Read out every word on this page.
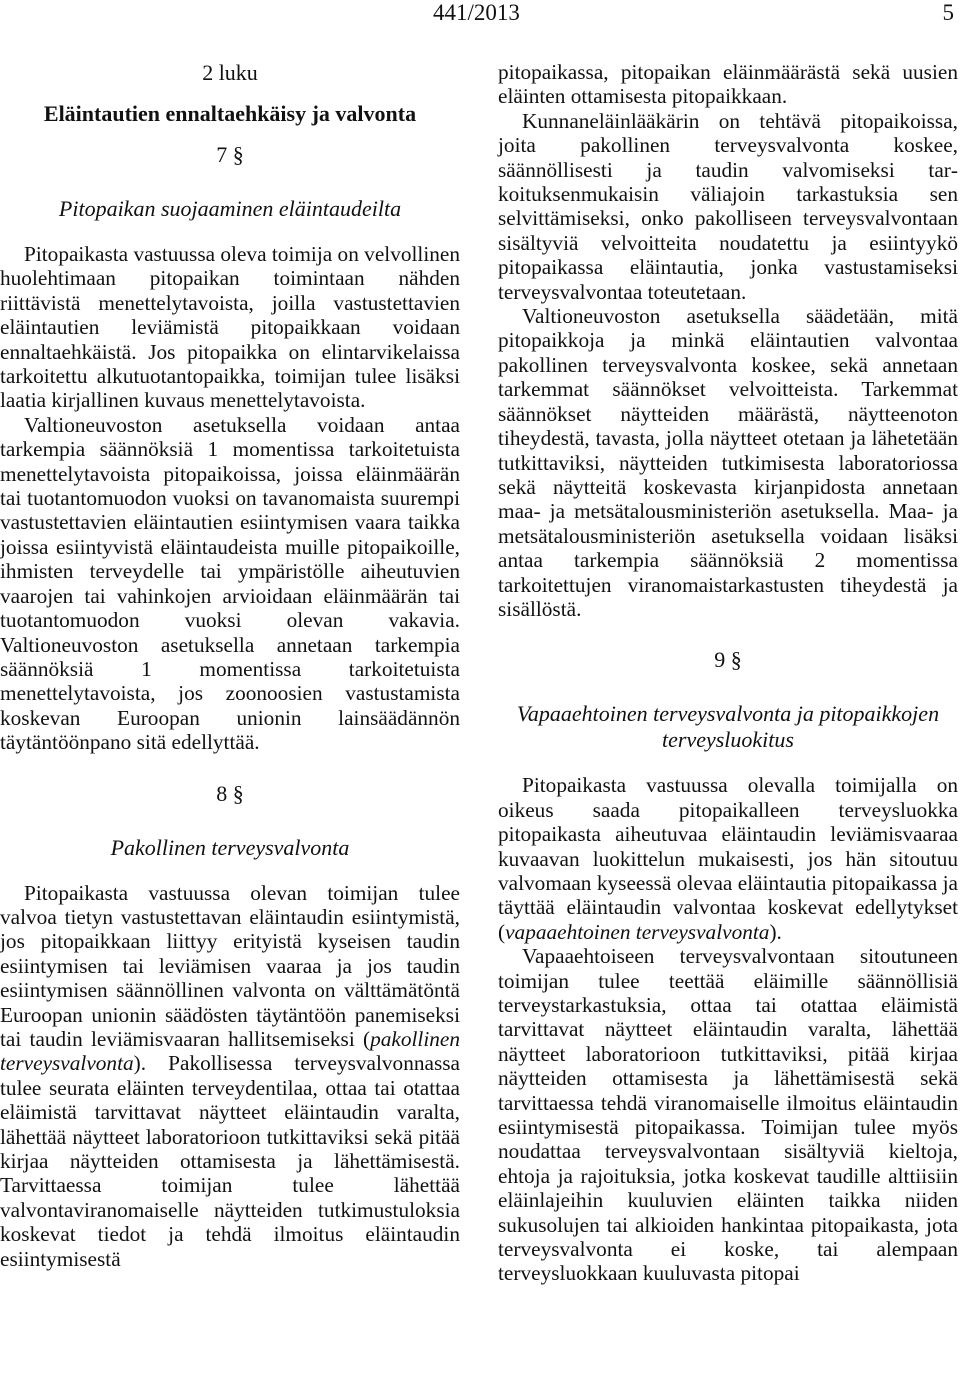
441/2013	5
2 luku
Eläintautien ennaltaehkäisy ja valvonta
7 §
Pitopaikan suojaaminen eläintaudeilta

Pitopaikasta vastuussa oleva toimija on velvollinen huolehtimaan pitopaikan toimintaan nähden riittävistä menettelytavoista, joilla vastustettavien eläintautien leviämistä pitopaikkaan voidaan ennaltaehkäistä. Jos pitopaikka on elintarvikelaissa tarkoitettu alkutuotantopaikka, toimijan tulee lisäksi laatia kirjallinen kuvaus menettelytavoista.

Valtioneuvoston asetuksella voidaan antaa tarkempia säännöksiä 1 momentissa tarkoitetuista menettelytavoista pitopaikoissa, joissa eläinmäärän tai tuotantomuodon vuoksi on tavanomaista suurempi vastustettavien eläintautien esiintymisen vaara taikka joissa esiintyvistä eläintaudeista muille pitopaikoille, ihmisten terveydelle tai ympäristölle aiheutuvien vaarojen tai vahinkojen arvioidaan eläinmäärän tai tuotantomuodon vuoksi olevan vakavia. Valtioneuvoston asetuksella annetaan tarkempia säännöksiä 1 momentissa tarkoitetuista menettelytavoista, jos zoonoosien vastustamista koskevan Euroopan unionin lainsäädännön täytäntöönpano sitä edellyttää.

8 §
Pakollinen terveysvalvonta

Pitopaikasta vastuussa olevan toimijan tulee valvoa tietyn vastustettavan eläintaudin esiintymistä, jos pitopaikkaan liittyy erityistä kyseisen taudin esiintymisen tai leviämisen vaaraa ja jos taudin esiintymisen säännöllinen valvonta on välttämätöntä Euroopan unionin säädösten täytäntöön panemiseksi tai taudin leviämisvaaran hallitsemiseksi (pakollinen terveysvalvonta). Pakollisessa terveysvalvonnassa tulee seurata eläinten terveydentilaa, ottaa tai otattaa eläimistä tarvittavat näytteet eläintaudin varalta, lähettää näytteet laboratorioon tutkittaviksi sekä pitää kirjaa näytteiden ottamisesta ja lähettämisestä. Tarvittaessa toimijan tulee lähettää valvontaviranomaiselle näytteiden tutkimustuloksia koskevat tiedot ja tehdä ilmoitus eläintaudin esiintymisestä

pitopaikassa, pitopaikan eläinmäärästä sekä uusien eläinten ottamisesta pitopaikkaan.

Kunnaneläinlääkärin on tehtävä pitopaikoissa, joita pakollinen terveysvalvonta koskee, säännöllisesti ja taudin valvomiseksi tarkoituksenmukaisin väliajoin tarkastuksia sen selvittämiseksi, onko pakolliseen terveysvalvontaan sisältyviä velvoitteita noudatettu ja esiintyykö pitopaikassa eläintautia, jonka vastustamiseksi terveysvalvontaa toteutetaan.

Valtioneuvoston asetuksella säädetään, mitä pitopaikkoja ja minkä eläintautien valvontaa pakollinen terveysvalvonta koskee, sekä annetaan tarkemmat säännökset velvoitteista. Tarkemmat säännökset näytteiden määrästä, näytteenoton tiheydestä, tavasta, jolla näytteet otetaan ja lähetetään tutkittaviksi, näytteiden tutkimisesta laboratoriossa sekä näytteitä koskevasta kirjanpidosta annetaan maa- ja metsätalousministeriön asetuksella. Maa- ja metsätalousministeriön asetuksella voidaan lisäksi antaa tarkempia säännöksiä 2 momentissa tarkoitettujen viranomaistarkastusten tiheydestä ja sisällöstä.

9 §
Vapaaehtoinen terveysvalvonta ja pitopaikkojen terveysluokitus

Pitopaikasta vastuussa olevalla toimijalla on oikeus saada pitopaikalleen terveysluokka pitopaikasta aiheutuvaa eläintaudin leviämisvaaraa kuvaavan luokittelun mukaisesti, jos hän sitoutuu valvomaan kyseessä olevaa eläintautia pitopaikassa ja täyttää eläintaudin valvontaa koskevat edellytykset (vapaaehtoinen terveysvalvonta).

Vapaaehtoiseen terveysvalvontaan sitoutuneen toimijan tulee teettää eläimille säännöllisiä terveystarkastuksia, ottaa tai otattaa eläimistä tarvittavat näytteet eläintaudin varalta, lähettää näytteet laboratorioon tutkittaviksi, pitää kirjaa näytteiden ottamisesta ja lähettämisestä sekä tarvittaessa tehdä viranomaiselle ilmoitus eläintaudin esiintymisestä pitopaikassa. Toimijan tulee myös noudattaa terveysvalvontaan sisältyviä kieltoja, ehtoja ja rajoituksia, jotka koskevat taudille alttiisiin eläinlajeihin kuuluvien eläinten taikka niiden sukusolujen tai alkioiden hankintaa pitopaikasta, jota terveysvalvonta ei koske, tai alempaan terveysluokkaan kuuluvasta pitopai
